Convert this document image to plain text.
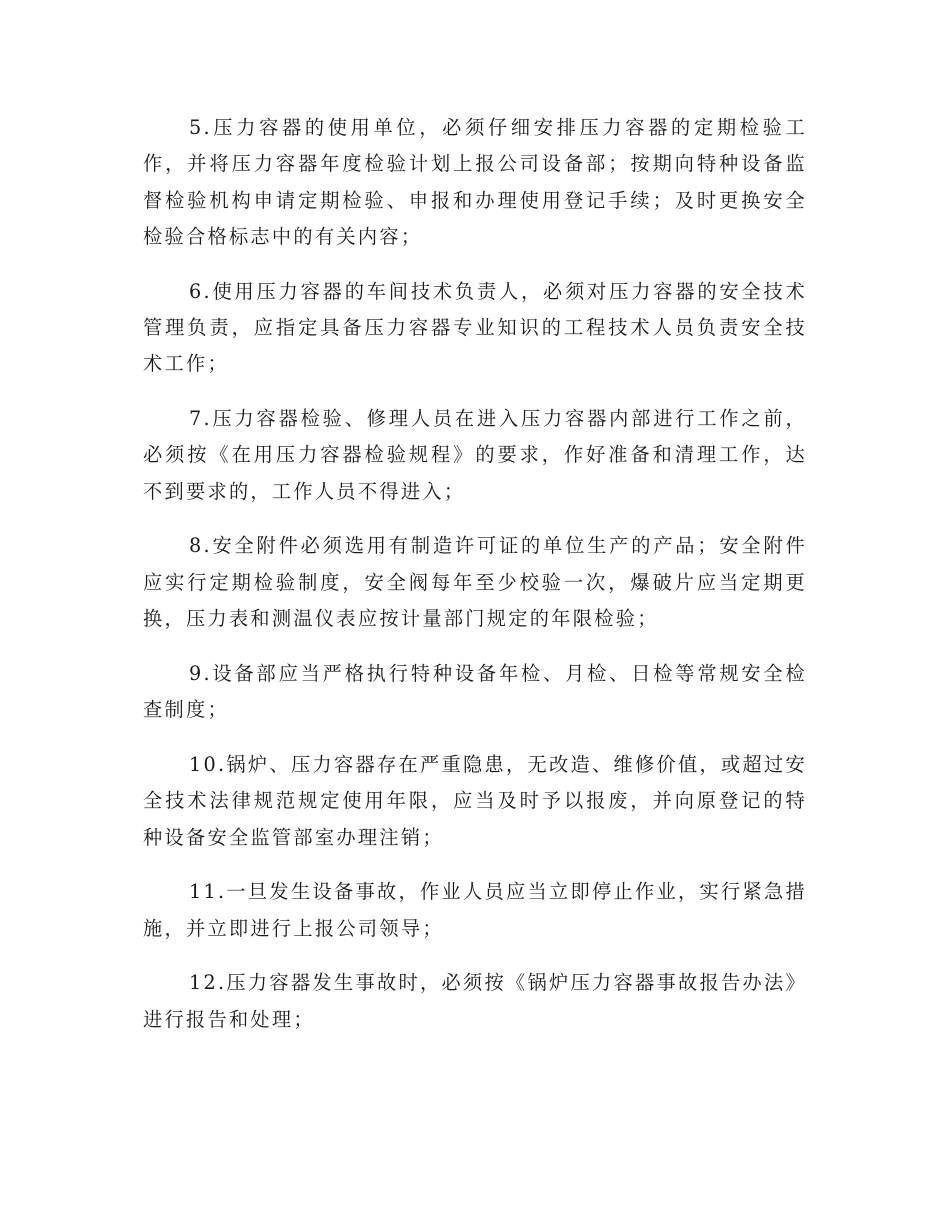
5.压力容器的使用单位，必须仔细安排压力容器的定期检验工作，并将压力容器年度检验计划上报公司设备部；按期向特种设备监督检验机构申请定期检验、申报和办理使用登记手续；及时更换安全检验合格标志中的有关内容；

6.使用压力容器的车间技术负责人，必须对压力容器的安全技术管理负责，应指定具备压力容器专业知识的工程技术人员负责安全技术工作；

7.压力容器检验、修理人员在进入压力容器内部进行工作之前，必须按《在用压力容器检验规程》的要求，作好准备和清理工作，达不到要求的，工作人员不得进入；

8.安全附件必须选用有制造许可证的单位生产的产品；安全附件应实行定期检验制度，安全阀每年至少校验一次，爆破片应当定期更换，压力表和测温仪表应按计量部门规定的年限检验；

9.设备部应当严格执行特种设备年检、月检、日检等常规安全检查制度；

10.锅炉、压力容器存在严重隐患，无改造、维修价值，或超过安全技术法律规范规定使用年限，应当及时予以报废，并向原登记的特种设备安全监管部室办理注销；

11.一旦发生设备事故，作业人员应当立即停止作业，实行紧急措施，并立即进行上报公司领导；

12.压力容器发生事故时，必须按《锅炉压力容器事故报告办法》进行报告和处理；
